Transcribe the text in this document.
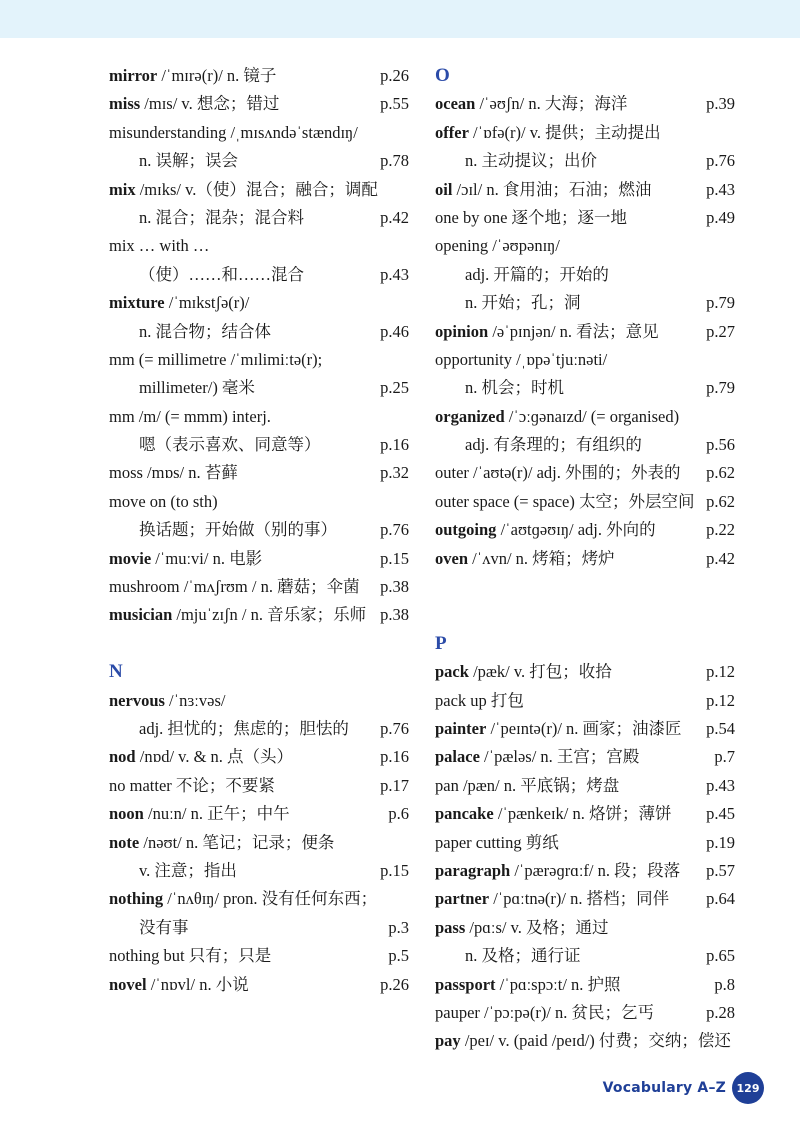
mirror /ˈmɪrə(r)/ n. 镜子	p.26
miss /mɪs/ v. 想念；错过	p.55
misunderstanding /ˌmɪsʌndəˈstændɪŋ/
n. 误解；误会	p.78
mix /mɪks/ v.（使）混合；融合；调配
n. 混合；混杂；混合料	p.42
mix … with …
（使）……和……混合	p.43
mixture /ˈmɪkstʃə(r)/
n. 混合物；结合体	p.46
mm (= millimetre /ˈmɪlimiːtə(r);
millimeter/) 毫米	p.25
mm /m/ (= mmm) interj.
嗯（表示喜欢、同意等）	p.16
moss /mɒs/ n. 苔藓	p.32
move on (to sth)
换话题；开始做（别的事）	p.76
movie /ˈmuːvi/ n. 电影	p.15
mushroom /ˈmʌʃrʊm / n. 蘑菇；伞菌 p.38
musician /mjuˈzɪʃn / n. 音乐家；乐师 p.38
N
nervous /ˈnɜːvəs/
adj. 担忧的；焦虑的；胆怯的 p.76
nod /nɒd/ v. & n. 点（头）	p.16
no matter 不论；不要紧	p.17
noon /nuːn/ n. 正午；中午	p.6
note /nəʊt/ n. 笔记；记录；便条
v. 注意；指出	p.15
nothing /ˈnʌθɪŋ/ pron. 没有任何东西；
没有事	p.3
nothing but 只有；只是	p.5
novel /ˈnɒvl/ n. 小说	p.26
O
ocean /ˈəʊʃn/ n. 大海；海洋	p.39
offer /ˈɒfə(r)/ v. 提供；主动提出
n. 主动提议；出价	p.76
oil /ɔɪl/ n. 食用油；石油；燃油	p.43
one by one 逐个地；逐一地	p.49
opening /ˈəʊpənɪŋ/
adj. 开篇的；开始的
n. 开始；孔；洞	p.79
opinion /əˈpɪnjən/ n. 看法；意见	p.27
opportunity /ˌɒpəˈtjuːnəti/
n. 机会；时机	p.79
organized /ˈɔːɡənaɪzd/ (= organised)
adj. 有条理的；有组织的	p.56
outer /ˈaʊtə(r)/ adj. 外围的；外表的 p.62
outer space (= space) 太空；外层空间 p.62
outgoing /ˈaʊtɡəʊɪŋ/ adj. 外向的	p.22
oven /ˈʌvn/ n. 烤箱；烤炉	p.42
P
pack /pæk/ v. 打包；收拾	p.12
pack up 打包	p.12
painter /ˈpeɪntə(r)/ n. 画家；油漆匠 p.54
palace /ˈpæləs/ n. 王宫；宫殿	p.7
pan /pæn/ n. 平底锅；烤盘	p.43
pancake /ˈpænkeɪk/ n. 烙饼；薄饼 p.45
paper cutting 剪纸	p.19
paragraph /ˈpærəɡrɑːf/ n. 段；段落 p.57
partner /ˈpɑːtnə(r)/ n. 搭档；同伴 p.64
pass /pɑːs/ v. 及格；通过
n. 及格；通行证	p.65
passport /ˈpɑːspɔːt/ n. 护照	p.8
pauper /ˈpɔːpə(r)/ n. 贫民；乞丐	p.28
pay /peɪ/ v. (paid /peɪd/) 付费；交纳；偿还
Vocabulary A–Z 129
